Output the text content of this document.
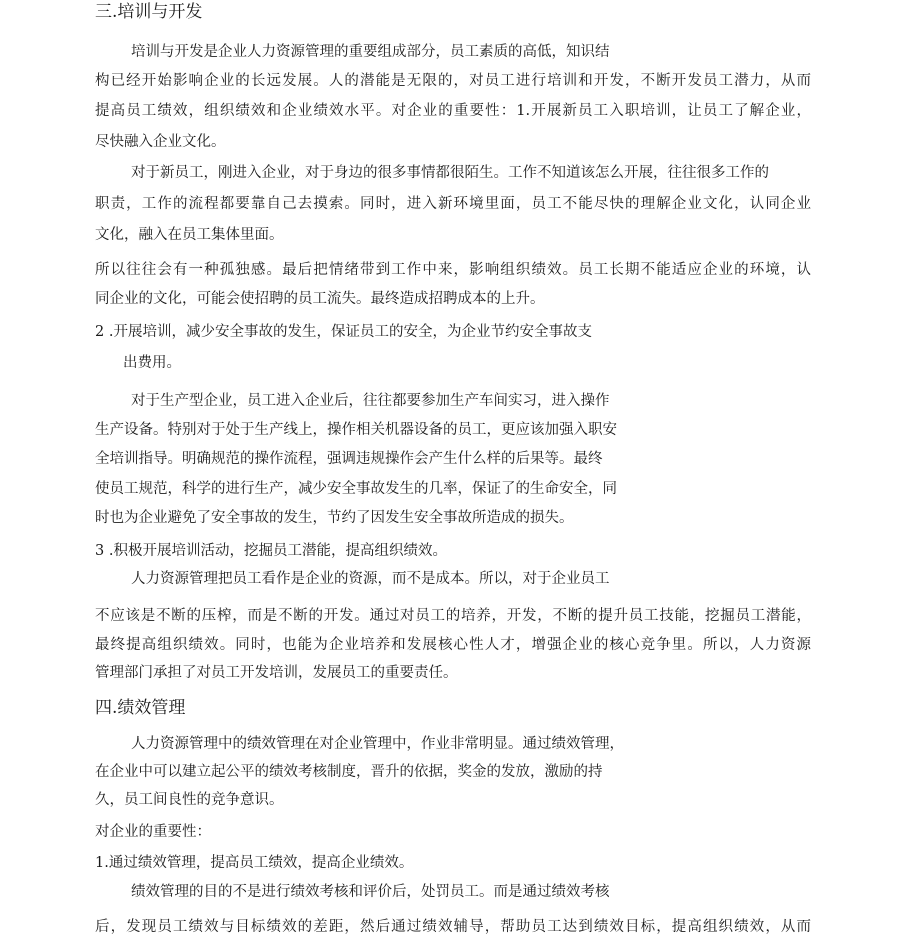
三.培训与开发
培训与开发是企业人力资源管理的重要组成部分，员工素质的高低，知识结
构已经开始影响企业的长远发展。人的潜能是无限的，对员工进行培训和开发，不断开发员工潜力，从而
提高员工绩效，组织绩效和企业绩效水平。对企业的重要性：1.开展新员工入职培训，让员工了解企业，
尽快融入企业文化。
对于新员工，刚进入企业，对于身边的很多事情都很陌生。工作不知道该怎么开展，往往很多工作的
职责，工作的流程都要靠自己去摸索。同时，进入新环境里面，员工不能尽快的理解企业文化，认同企业
文化，融入在员工集体里面。
所以往往会有一种孤独感。最后把情绪带到工作中来，影响组织绩效。员工长期不能适应企业的环境，认
同企业的文化，可能会使招聘的员工流失。最终造成招聘成本的上升。
2 .开展培训，减少安全事故的发生，保证员工的安全，为企业节约安全事故支
出费用。
对于生产型企业，员工进入企业后，往往都要参加生产车间实习，进入操作
生产设备。特别对于处于生产线上，操作相关机器设备的员工，更应该加强入职安
全培训指导。明确规范的操作流程，强调违规操作会产生什么样的后果等。最终
使员工规范，科学的进行生产，减少安全事故发生的几率，保证了的生命安全，同
时也为企业避免了安全事故的发生，节约了因发生安全事故所造成的损失。
3 .积极开展培训活动，挖掘员工潜能，提高组织绩效。
人力资源管理把员工看作是企业的资源，而不是成本。所以，对于企业员工
不应该是不断的压榨，而是不断的开发。通过对员工的培养，开发，不断的提升员工技能，挖掘员工潜能，
最终提高组织绩效。同时，也能为企业培养和发展核心性人才，增强企业的核心竞争里。所以，人力资源
管理部门承担了对员工开发培训，发展员工的重要责任。
四.绩效管理
人力资源管理中的绩效管理在对企业管理中，作业非常明显。通过绩效管理，
在企业中可以建立起公平的绩效考核制度，晋升的依据，奖金的发放，激励的持
久，员工间良性的竞争意识。
对企业的重要性：
1.通过绩效管理，提高员工绩效，提高企业绩效。
绩效管理的目的不是进行绩效考核和评价后，处罚员工。而是通过绩效考核
后，发现员工绩效与目标绩效的差距，然后通过绩效辅导，帮助员工达到绩效目标，提高组织绩效，从而
